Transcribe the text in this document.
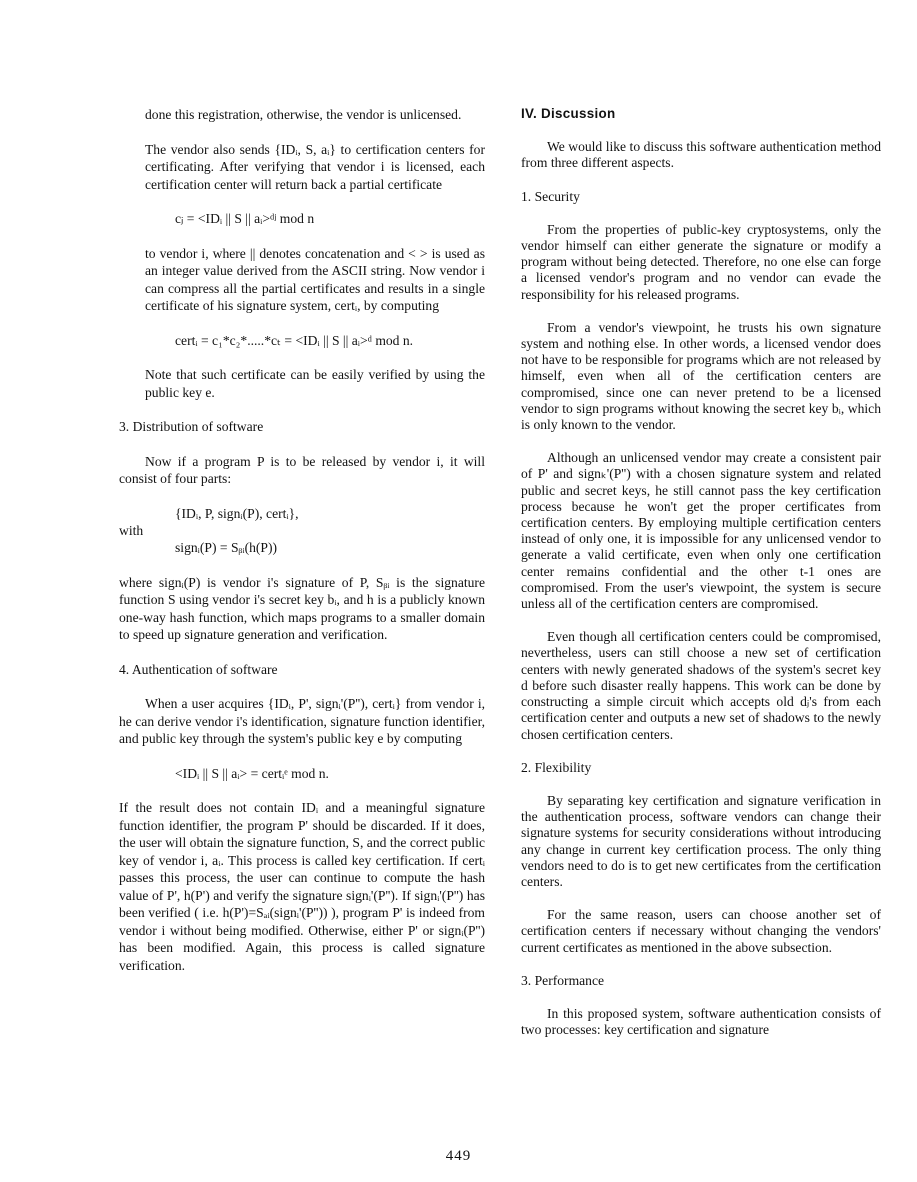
done this registration, otherwise, the vendor is unlicensed.

The vendor also sends {IDᵢ, S, aᵢ} to certification centers for certificating. After verifying that vendor i is licensed, each certification center will return back a partial certificate

cⱼ = <IDᵢ || S || aᵢ>ᵈʲ mod n

to vendor i, where || denotes concatenation and < > is used as an integer value derived from the ASCII string. Now vendor i can compress all the partial certificates and results in a single certificate of his signature system, certᵢ, by computing

certᵢ = c₁*c₂*.....*cₜ = <IDᵢ || S || aᵢ>ᵈ mod n.

Note that such certificate can be easily verified by using the public key e.

3. Distribution of software

Now if a program P is to be released by vendor i, it will consist of four parts:

with
{IDᵢ, P, signᵢ(P), certᵢ},
signᵢ(P) = Sᵦᵢ(h(P))

where signᵢ(P) is vendor i's signature of P, Sᵦᵢ is the signature function S using vendor i's secret key bᵢ, and h is a publicly known one-way hash function, which maps programs to a smaller domain to speed up signature generation and verification.

4. Authentication of software

When a user acquires {IDᵢ, P', signᵢ'(P''), certᵢ} from vendor i, he can derive vendor i's identification, signature function identifier, and public key through the system's public key e by computing

<IDᵢ || S || aᵢ> = certᵢᵉ mod n.

If the result does not contain IDᵢ and a meaningful signature function identifier, the program P' should be discarded. If it does, the user will obtain the signature function, S, and the correct public key of vendor i, aᵢ. This process is called key certification. If certᵢ passes this process, the user can continue to compute the hash value of P', h(P') and verify the signature signᵢ'(P''). If signᵢ'(P'') has been verified ( i.e. h(P')=Sₐᵢ(signᵢ'(P'')) ), program P' is indeed from vendor i without being modified. Otherwise, either P' or signᵢ(P'') has been modified. Again, this process is called signature verification.

IV. Discussion

We would like to discuss this software authentication method from three different aspects.

1. Security

From the properties of public-key cryptosystems, only the vendor himself can either generate the signature or modify a program without being detected. Therefore, no one else can forge a licensed vendor's program and no vendor can evade the responsibility for his released programs.

From a vendor's viewpoint, he trusts his own signature system and nothing else. In other words, a licensed vendor does not have to be responsible for programs which are not released by himself, even when all of the certification centers are compromised, since one can never pretend to be a licensed vendor to sign programs without knowing the secret key bᵢ, which is only known to the vendor.

Although an unlicensed vendor may create a consistent pair of P' and signₖ'(P'') with a chosen signature system and related public and secret keys, he still cannot pass the key certification process because he won't get the proper certificates from certification centers. By employing multiple certification centers instead of only one, it is impossible for any unlicensed vendor to generate a valid certificate, even when only one certification center remains confidential and the other t-1 ones are compromised. From the user's viewpoint, the system is secure unless all of the certification centers are compromised.

Even though all certification centers could be compromised, nevertheless, users can still choose a new set of certification centers with newly generated shadows of the system's secret key d before such disaster really happens. This work can be done by constructing a simple circuit which accepts old dⱼ's from each certification center and outputs a new set of shadows to the newly chosen certification centers.

2. Flexibility

By separating key certification and signature verification in the authentication process, software vendors can change their signature systems for security considerations without introducing any change in current key certification process. The only thing vendors need to do is to get new certificates from the certification centers.

For the same reason, users can choose another set of certification centers if necessary without changing the vendors' current certificates as mentioned in the above subsection.

3. Performance

In this proposed system, software authentication consists of two processes: key certification and signature

449
